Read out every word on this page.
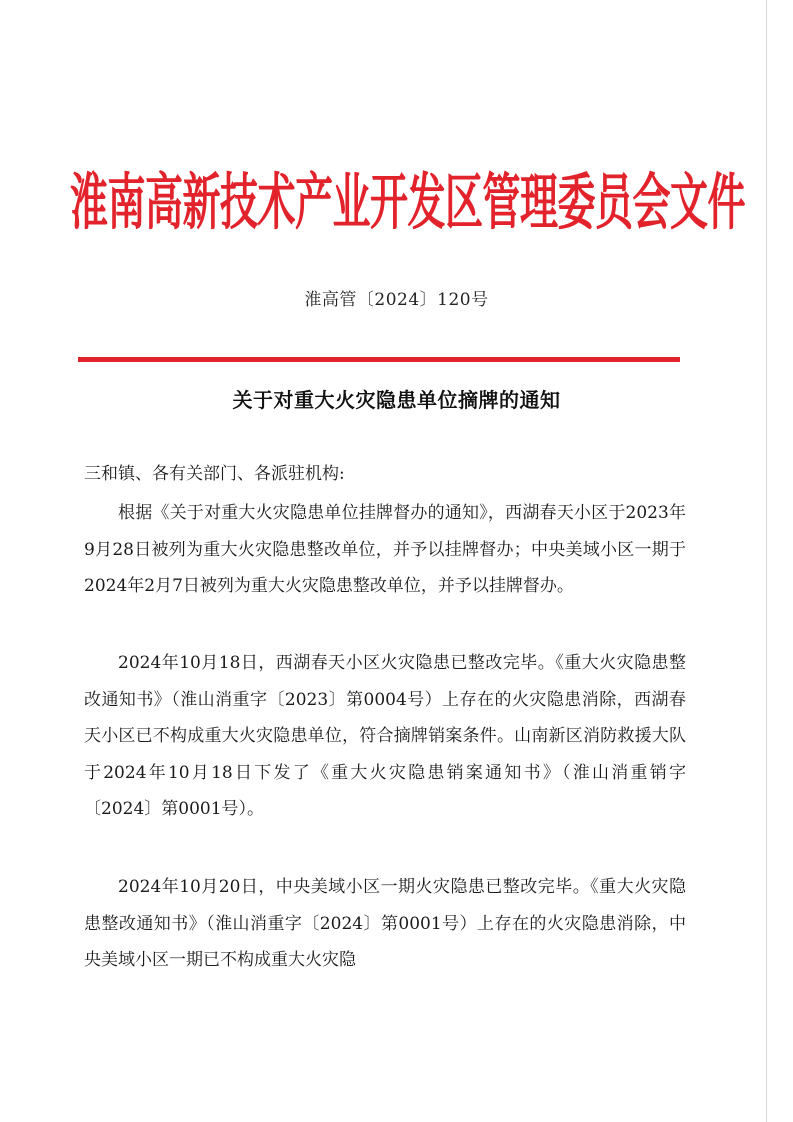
淮南高新技术产业开发区管理委员会文件
淮高管〔2024〕120号
关于对重大火灾隐患单位摘牌的通知
三和镇、各有关部门、各派驻机构:

根据《关于对重大火灾隐患单位挂牌督办的通知》，西湖春天小区于2023年9月28日被列为重大火灾隐患整改单位，并予以挂牌督办；中央美域小区一期于2024年2月7日被列为重大火灾隐患整改单位，并予以挂牌督办。

2024年10月18日，西湖春天小区火灾隐患已整改完毕。《重大火灾隐患整改通知书》（淮山消重字〔2023〕第0004号）上存在的火灾隐患消除，西湖春天小区已不构成重大火灾隐患单位，符合摘牌销案条件。山南新区消防救援大队于2024年10月18日下发了《重大火灾隐患销案通知书》（淮山消重销字〔2024〕第0001号）。

2024年10月20日，中央美域小区一期火灾隐患已整改完毕。《重大火灾隐患整改通知书》（淮山消重字〔2024〕第0001号）上存在的火灾隐患消除，中央美域小区一期已不构成重大火灾隐
